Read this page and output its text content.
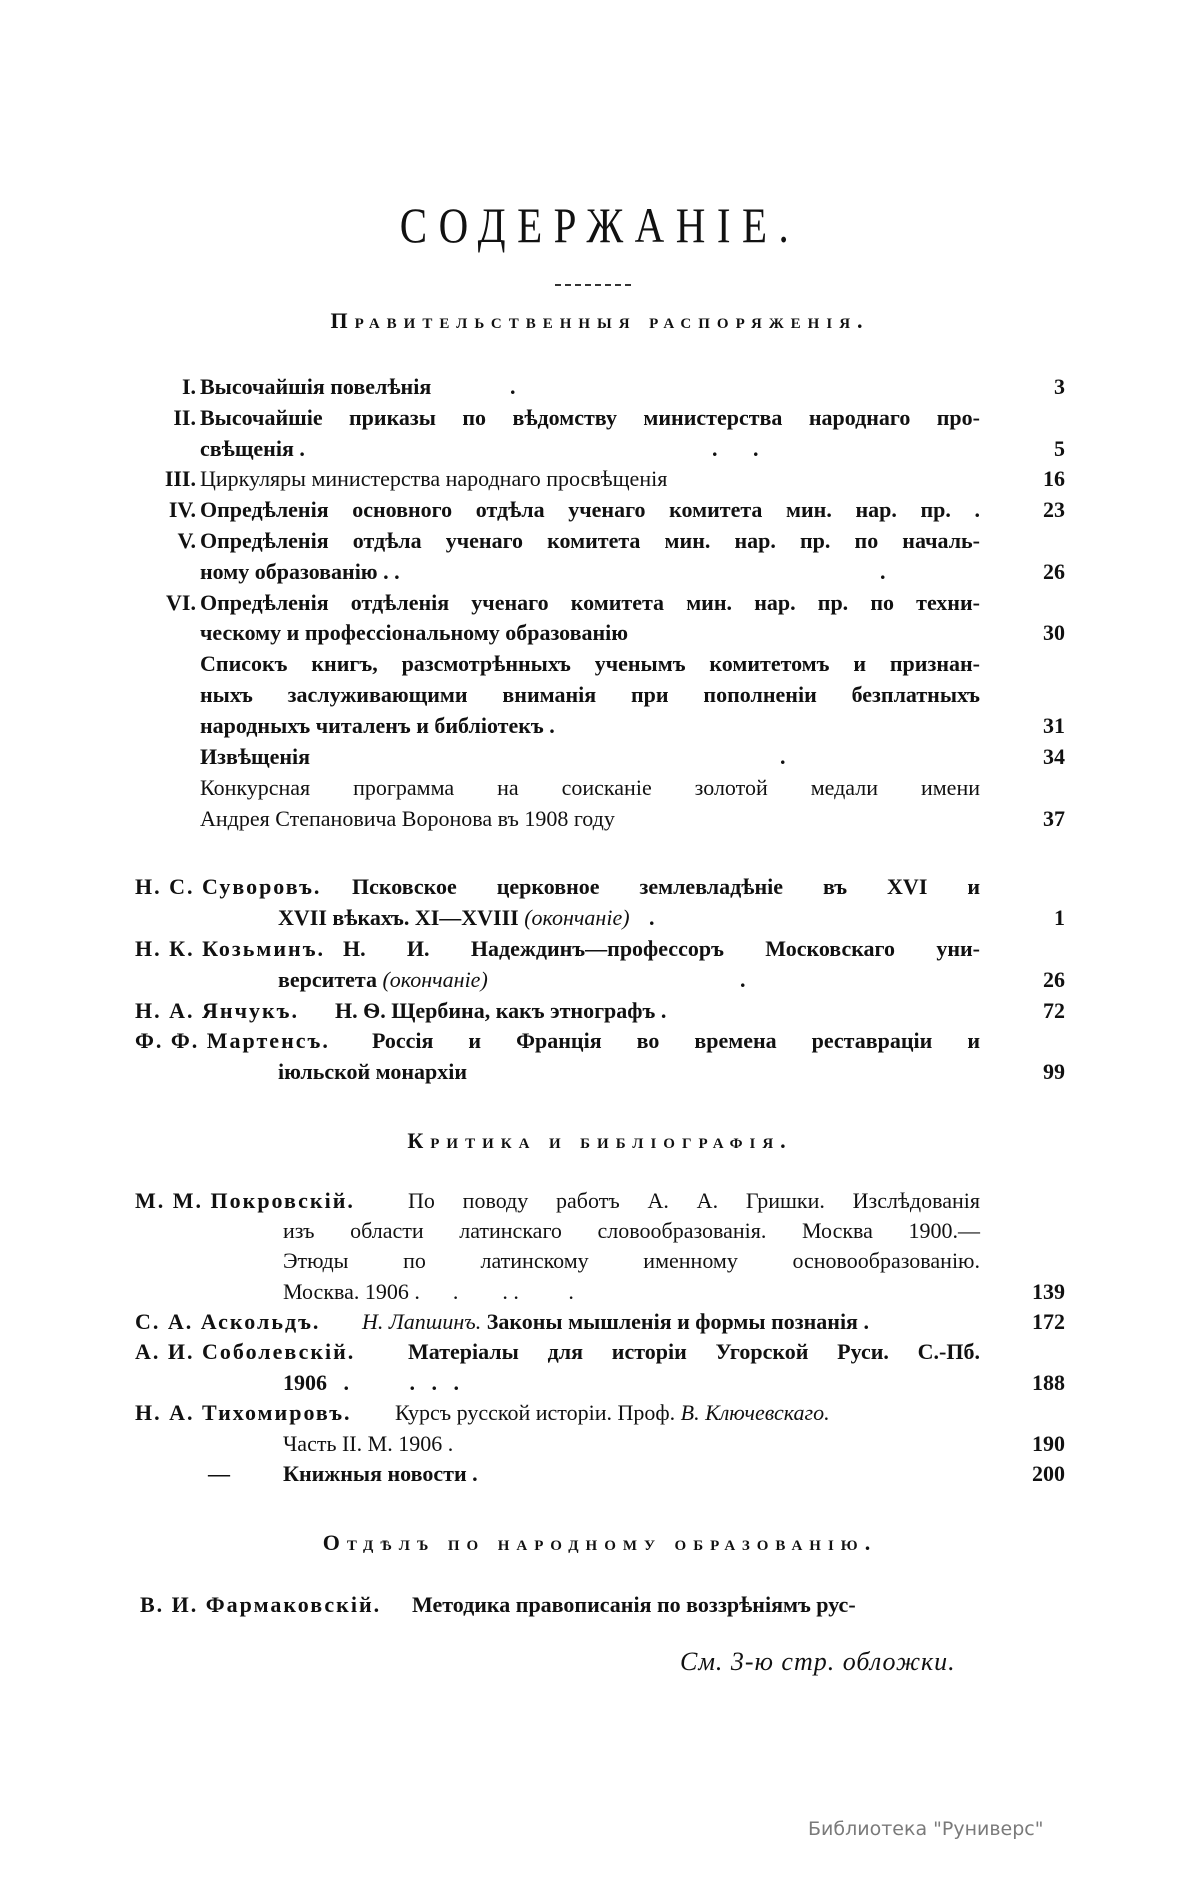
СОДЕРЖАНІЕ.
Правительственныя распоряженія.
I. Высочайшія повелѣнія	.	3
II. Высочайшіе приказы по вѣдомству министерства народнаго про-
свѣщенія .	. .	5
III. Циркуляры министерства народнаго просвѣщенія	16
IV. Опредѣленія основного отдѣла ученаго комитета мин. нар. пр. .	23
V. Опредѣленія отдѣла ученаго комитета мин. нар. пр. по началь-
ному образованію . .	.	26
VI. Опредѣленія отдѣленія ученаго комитета мин. нар. пр. по техни-
ческому и профессіональному образованію	30
Списокъ книгъ, разсмотрѣнныхъ ученымъ комитетомъ и признан-
ныхъ заслуживающими вниманія при пополненіи безплатныхъ
народныхъ читаленъ и библіотекъ .	31
Извѣщенія	.	34
Конкурсная программа на соисканіе золотой медали имени
Андрея Степановича Воронова въ 1908 году	37
Н. С. Суворовъ. Псковское церковное землевладѣніе въ XVI и
XVII вѣкахъ. XI—XVIII (окончаніе) .	1
Н. К. Козьминъ. Н. И. Надеждинъ—профессоръ Московскаго уни-
верситета (окончаніе)	.	26
Н. А. Янчукъ. Н. Ѳ. Щербина, какъ этнографъ .	72
Ф. Ф. Мартенсъ. Россія и Франція во времена реставраціи и
іюльской монархіи	99
Критика и библіографія.
М. М. Покровскій. По поводу работъ А. А. Гришки. Изслѣдованія
изъ области латинскаго словообразованія. Москва 1900.—
Этюды по латинскому именному основообразованію.
Москва. 1906 .      .        . .         .	139
С. А. Аскольдъ. Н. Лапшинъ. Законы мышленія и формы познанія .	172
А. И. Соболевскій. Матеріалы для исторіи Угорской Руси. С.-Пб.
1906   .           .   .   .	188
Н. А. Тихомировъ. Курсъ русской исторіи. Проф. В. Ключевскаго.
Часть II. М. 1906 .	190
— Книжныя новости .	200
Отдѣлъ по народному образованію.
В. И. Фармаковскій. Методика правописанія по воззрѣніямъ рус-
См. 3-ю стр. обложки.
Библиотека "Руниверс"
